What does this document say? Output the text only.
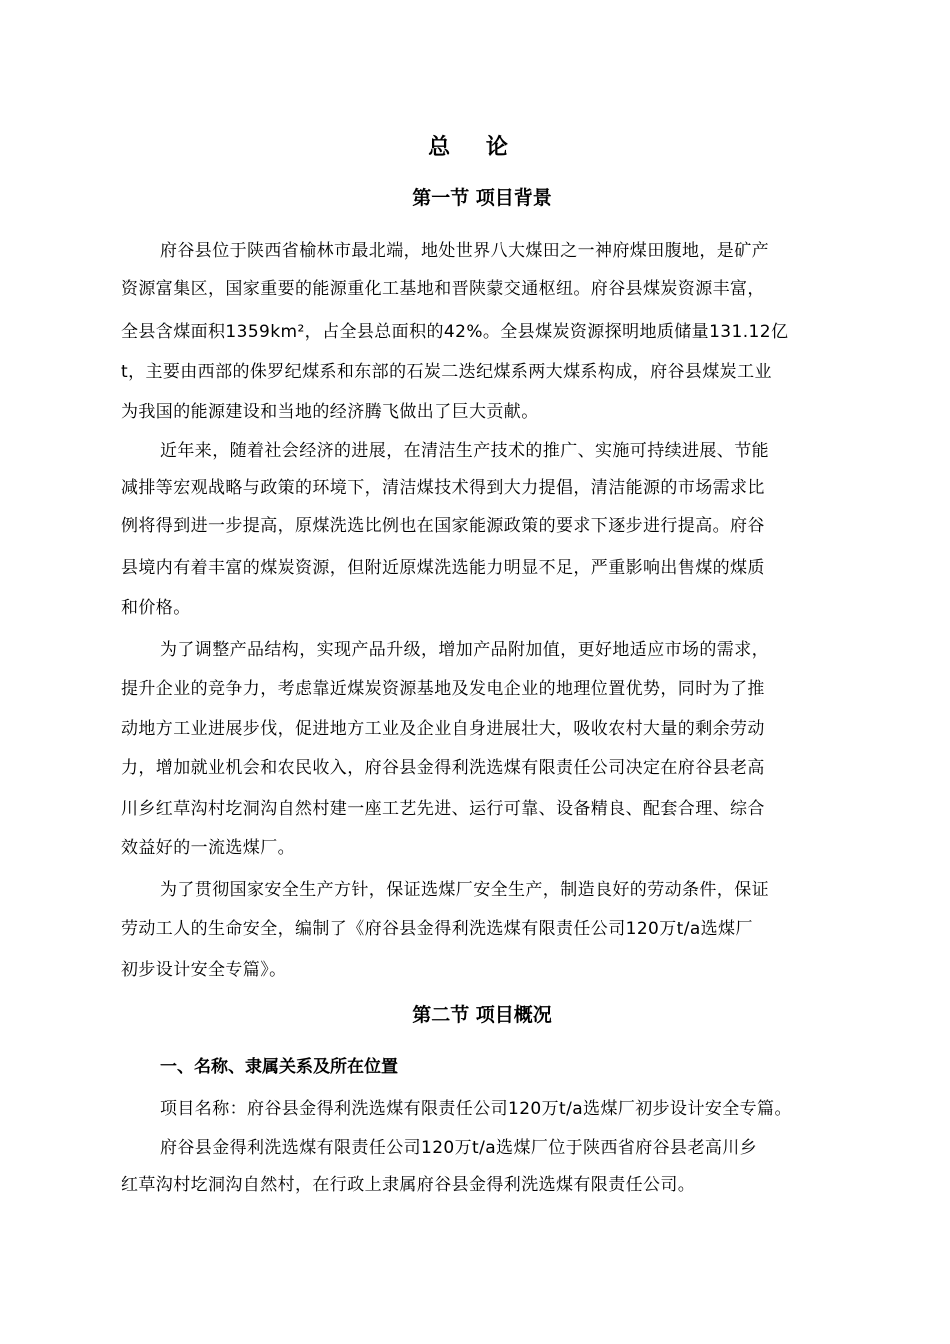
总 论
第一节 项目背景
府谷县位于陕西省榆林市最北端，地处世界八大煤田之一神府煤田腹地，是矿产
资源富集区，国家重要的能源重化工基地和晋陕蒙交通枢纽。府谷县煤炭资源丰富，
全县含煤面积1359km²，占全县总面积的42%。全县煤炭资源探明地质储量131.12亿
t，主要由西部的侏罗纪煤系和东部的石炭二迭纪煤系两大煤系构成，府谷县煤炭工业
为我国的能源建设和当地的经济腾飞做出了巨大贡献。
近年来，随着社会经济的进展，在清洁生产技术的推广、实施可持续进展、节能
减排等宏观战略与政策的环境下，清洁煤技术得到大力提倡，清洁能源的市场需求比
例将得到进一步提高，原煤洗选比例也在国家能源政策的要求下逐步进行提高。府谷
县境内有着丰富的煤炭资源，但附近原煤洗选能力明显不足，严重影响出售煤的煤质
和价格。
为了调整产品结构，实现产品升级，增加产品附加值，更好地适应市场的需求，
提升企业的竞争力，考虑靠近煤炭资源基地及发电企业的地理位置优势，同时为了推
动地方工业进展步伐，促进地方工业及企业自身进展壮大，吸收农村大量的剩余劳动
力，增加就业机会和农民收入，府谷县金得利洗选煤有限责任公司决定在府谷县老高
川乡红草沟村圪洞沟自然村建一座工艺先进、运行可靠、设备精良、配套合理、综合
效益好的一流选煤厂。
为了贯彻国家安全生产方针，保证选煤厂安全生产，制造良好的劳动条件，保证
劳动工人的生命安全，编制了《府谷县金得利洗选煤有限责任公司120万t/a选煤厂
初步设计安全专篇》。
第二节 项目概况
一、名称、隶属关系及所在位置
项目名称：府谷县金得利洗选煤有限责任公司120万t/a选煤厂初步设计安全专篇。
府谷县金得利洗选煤有限责任公司120万t/a选煤厂位于陕西省府谷县老高川乡
红草沟村圪洞沟自然村，在行政上隶属府谷县金得利洗选煤有限责任公司。
